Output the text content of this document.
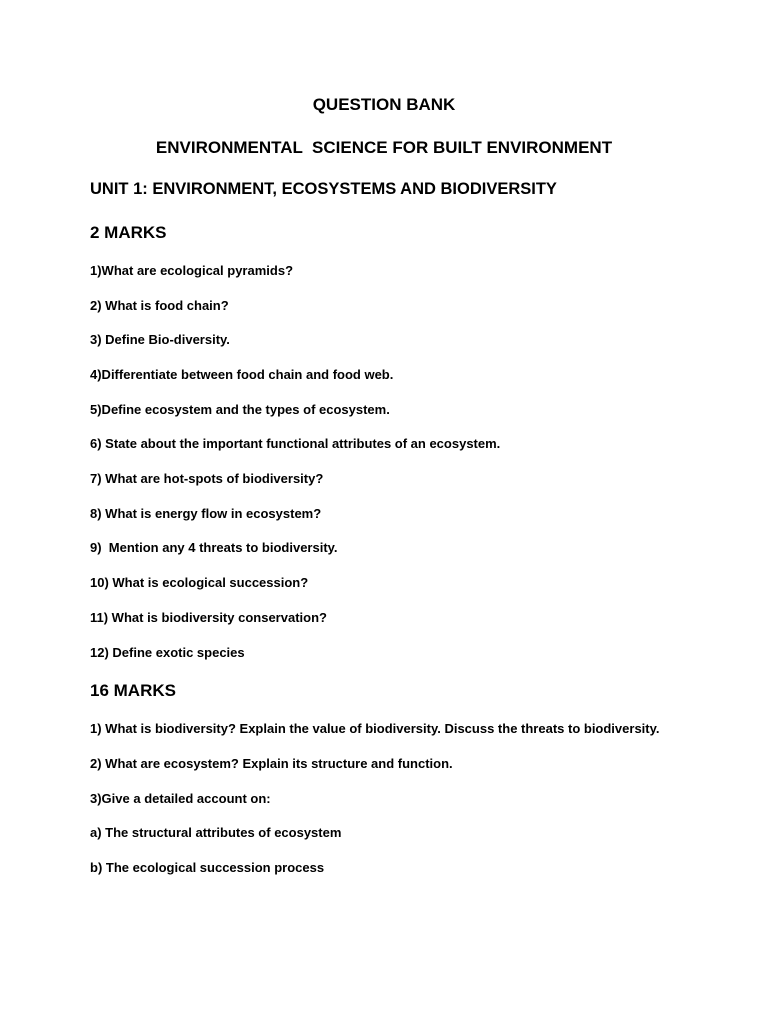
QUESTION BANK
ENVIRONMENTAL  SCIENCE FOR BUILT ENVIRONMENT
UNIT 1: ENVIRONMENT, ECOSYSTEMS AND BIODIVERSITY
2 MARKS
1)What are ecological pyramids?
2) What is food chain?
3) Define Bio-diversity.
4)Differentiate between food chain and food web.
5)Define ecosystem and the types of ecosystem.
6) State about the important functional attributes of an ecosystem.
7) What are hot-spots of biodiversity?
8) What is energy flow in ecosystem?
9)  Mention any 4 threats to biodiversity.
10) What is ecological succession?
11) What is biodiversity conservation?
12) Define exotic species
16 MARKS
1) What is biodiversity? Explain the value of biodiversity. Discuss the threats to biodiversity.
2) What are ecosystem? Explain its structure and function.
3)Give a detailed account on:
a) The structural attributes of ecosystem
b) The ecological succession process
